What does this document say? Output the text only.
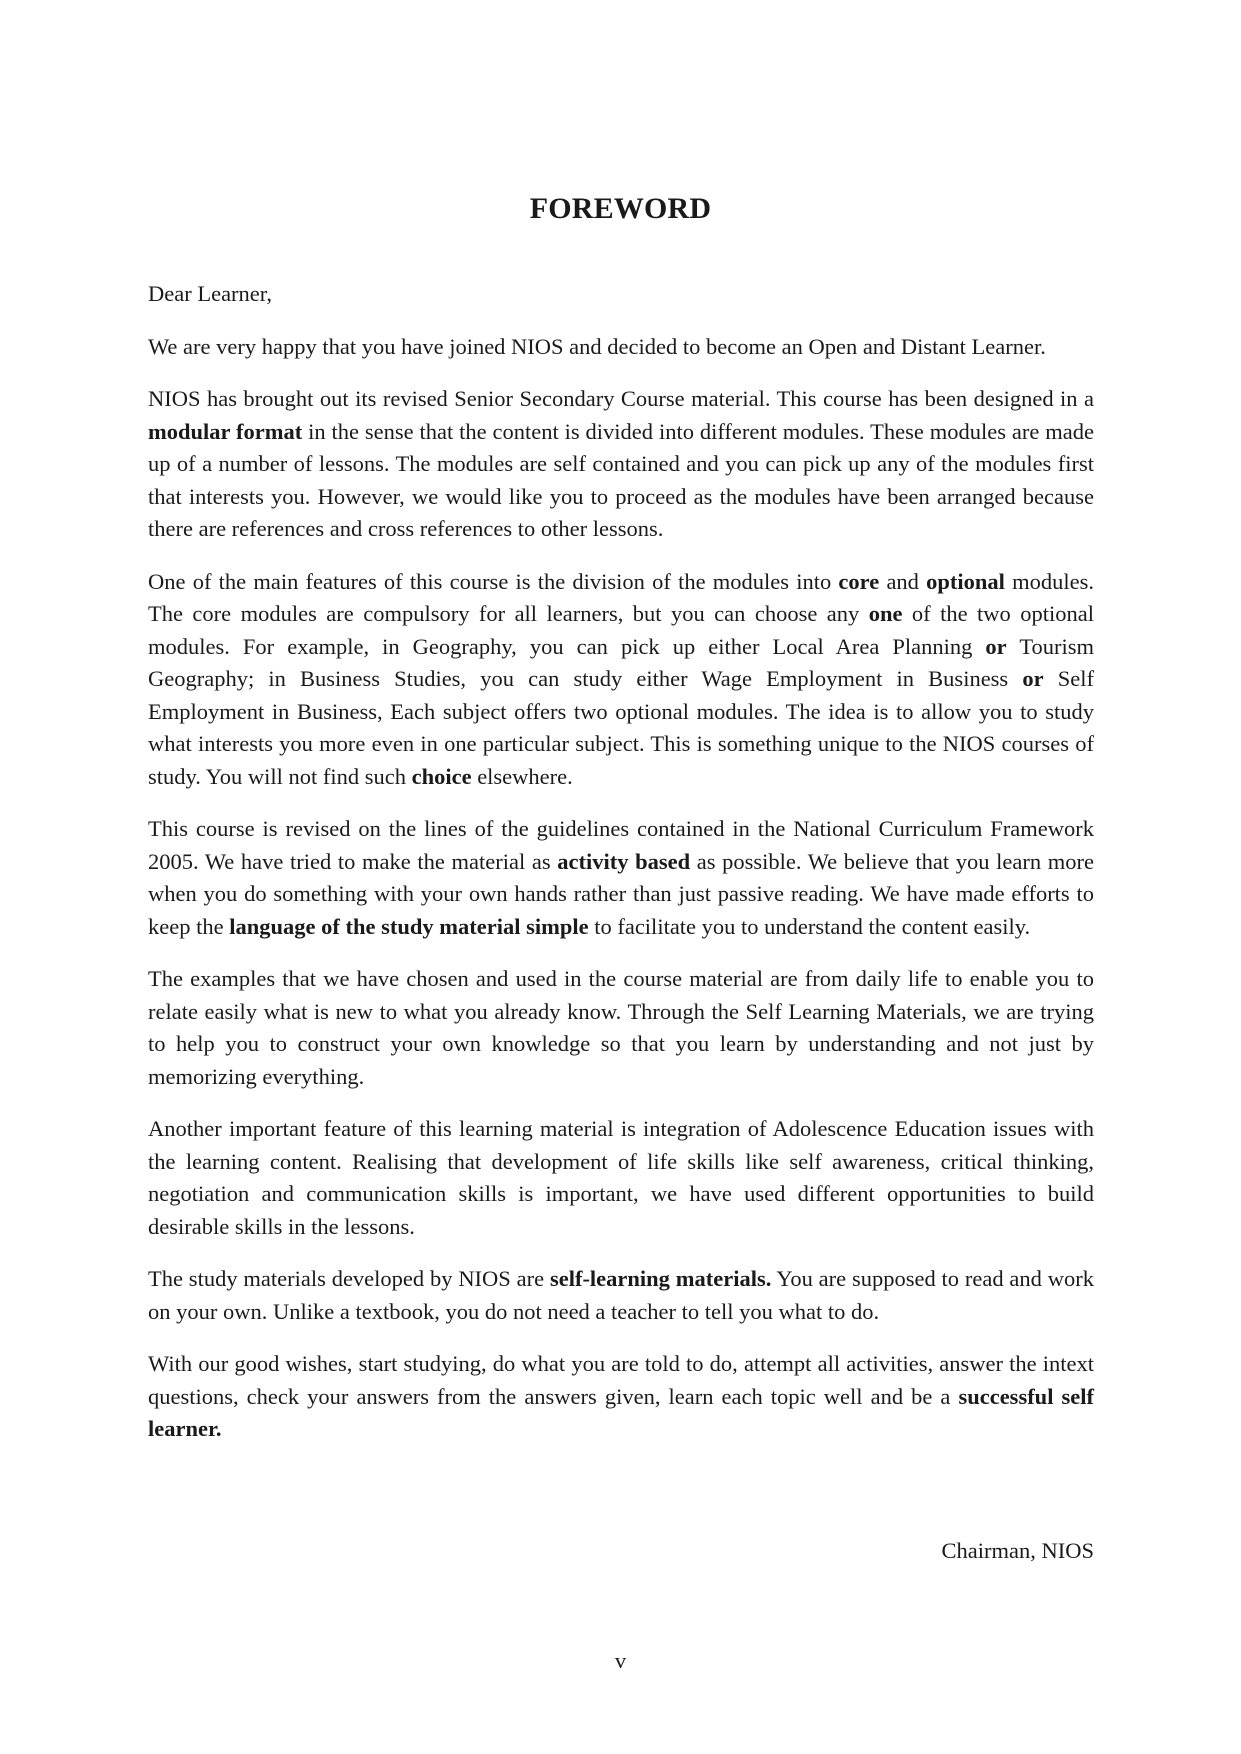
FOREWORD

Dear Learner,

We are very happy that you have joined NIOS and decided to become an Open and Distant Learner.

NIOS has brought out its revised Senior Secondary Course material. This course has been designed in a modular format in the sense that the content is divided into different modules. These modules are made up of a number of lessons. The modules are self contained and you can pick up any of the modules first that interests you. However, we would like you to proceed as the modules have been arranged because there are references and cross references to other lessons.

One of the main features of this course is the division of the modules into core and optional modules. The core modules are compulsory for all learners, but you can choose any one of the two optional modules. For example, in Geography, you can pick up either Local Area Planning or Tourism Geography; in Business Studies, you can study either Wage Employment in Business or Self Employment in Business, Each subject offers two optional modules. The idea is to allow you to study what interests you more even in one particular subject. This is something unique to the NIOS courses of study. You will not find such choice elsewhere.

This course is revised on the lines of the guidelines contained in the National Curriculum Framework 2005. We have tried to make the material as activity based as possible. We believe that you learn more when you do something with your own hands rather than just passive reading. We have made efforts to keep the language of the study material simple to facilitate you to understand the content easily.

The examples that we have chosen and used in the course material are from daily life to enable you to relate easily what is new to what you already know. Through the Self Learning Materials, we are trying to help you to construct your own knowledge so that you learn by understanding and not just by memorizing everything.

Another important feature of this learning material is integration of Adolescence Education issues with the learning content. Realising that development of life skills like self awareness, critical thinking, negotiation and communication skills is important, we have used different opportunities to build desirable skills in the lessons.

The study materials developed by NIOS are self-learning materials. You are supposed to read and work on your own. Unlike a textbook, you do not need a teacher to tell you what to do.

With our good wishes, start studying, do what you are told to do, attempt all activities, answer the intext questions, check your answers from the answers given, learn each topic well and be a successful self learner.

Chairman, NIOS

v
